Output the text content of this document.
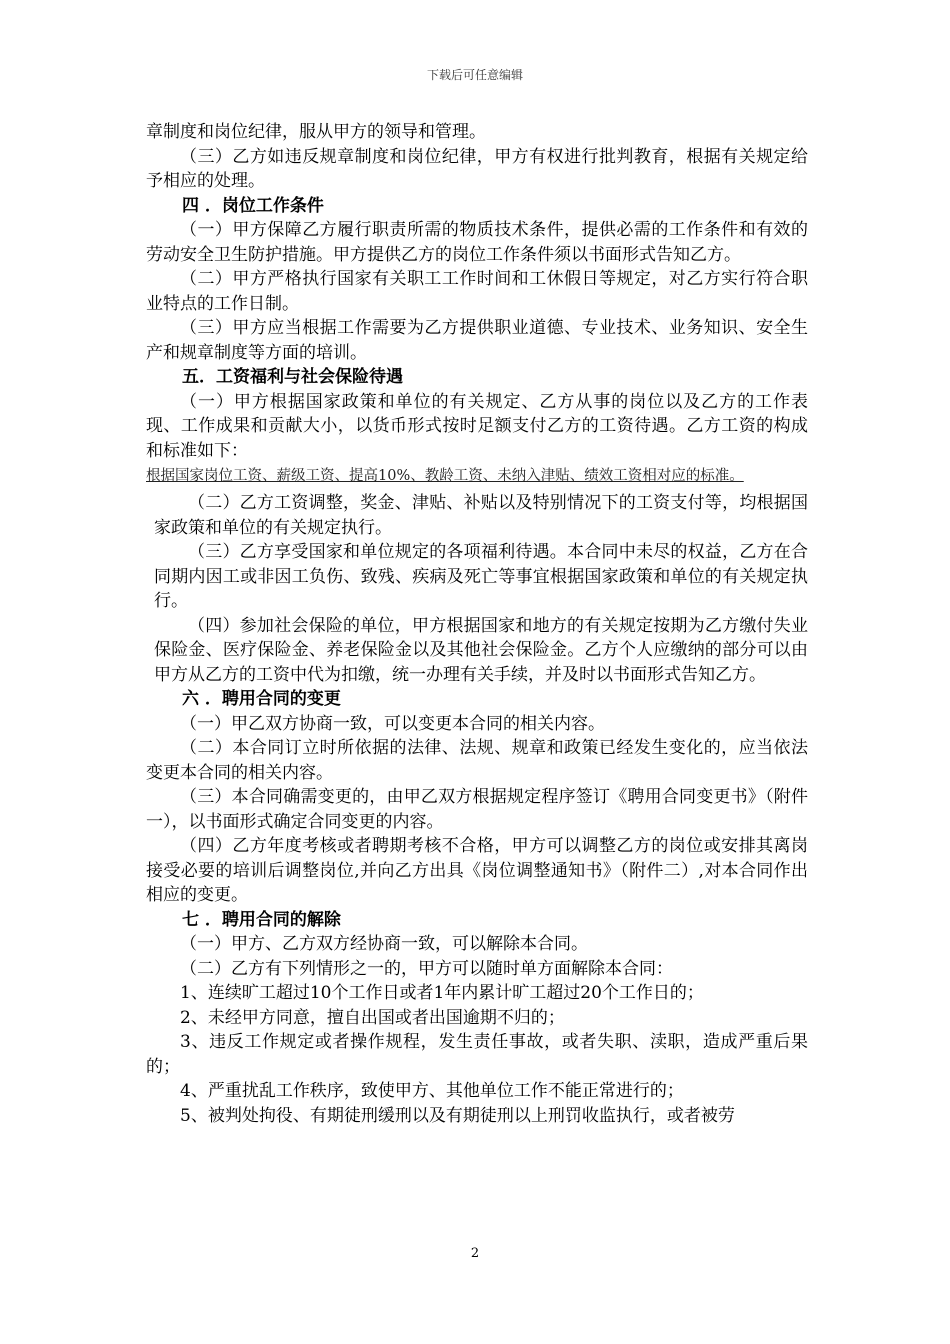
下载后可任意编辑

章制度和岗位纪律，服从甲方的领导和管理。

（三）乙方如违反规章制度和岗位纪律，甲方有权进行批判教育，根据有关规定给予相应的处理。

四 ．岗位工作条件

（一）甲方保障乙方履行职责所需的物质技术条件，提供必需的工作条件和有效的劳动安全卫生防护措施。甲方提供乙方的岗位工作条件须以书面形式告知乙方。

（二）甲方严格执行国家有关职工工作时间和工休假日等规定，对乙方实行符合职业特点的工作日制。

（三）甲方应当根据工作需要为乙方提供职业道德、专业技术、业务知识、安全生产和规章制度等方面的培训。

五．工资福利与社会保险待遇

（一）甲方根据国家政策和单位的有关规定、乙方从事的岗位以及乙方的工作表现、工作成果和贡献大小，以货币形式按时足额支付乙方的工资待遇。乙方工资的构成和标准如下：

根据国家岗位工资、薪级工资、提高10%、教龄工资、未纳入津贴、绩效工资相对应的标准。

（二）乙方工资调整，奖金、津贴、补贴以及特别情况下的工资支付等，均根据国家政策和单位的有关规定执行。

（三）乙方享受国家和单位规定的各项福利待遇。本合同中未尽的权益，乙方在合同期内因工或非因工负伤、致残、疾病及死亡等事宜根据国家政策和单位的有关规定执行。

（四）参加社会保险的单位，甲方根据国家和地方的有关规定按期为乙方缴付失业保险金、医疗保险金、养老保险金以及其他社会保险金。乙方个人应缴纳的部分可以由甲方从乙方的工资中代为扣缴，统一办理有关手续，并及时以书面形式告知乙方。

六 ．聘用合同的变更

（一）甲乙双方协商一致，可以变更本合同的相关内容。

（二）本合同订立时所依据的法律、法规、规章和政策已经发生变化的，应当依法变更本合同的相关内容。

（三）本合同确需变更的，由甲乙双方根据规定程序签订《聘用合同变更书》（附件一），以书面形式确定合同变更的内容。

（四）乙方年度考核或者聘期考核不合格，甲方可以调整乙方的岗位或安排其离岗接受必要的培训后调整岗位,并向乙方出具《岗位调整通知书》（附件二）,对本合同作出相应的变更。

七 ．聘用合同的解除

（一）甲方、乙方双方经协商一致，可以解除本合同。

（二）乙方有下列情形之一的，甲方可以随时单方面解除本合同：

1、连续旷工超过10个工作日或者1年内累计旷工超过20个工作日的；

2、未经甲方同意，擅自出国或者出国逾期不归的；

3、违反工作规定或者操作规程，发生责任事故，或者失职、渎职，造成严重后果的；

4、严重扰乱工作秩序，致使甲方、其他单位工作不能正常进行的；

5、被判处拘役、有期徒刑缓刑以及有期徒刑以上刑罚收监执行，或者被劳

2
